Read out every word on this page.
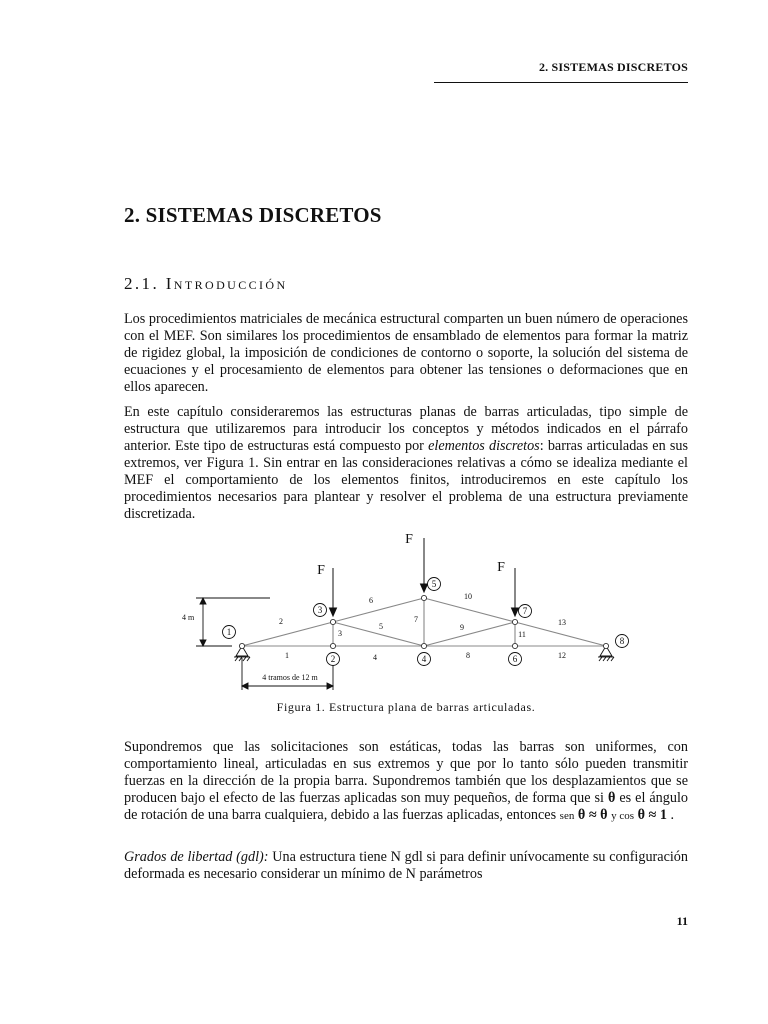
2. SISTEMAS DISCRETOS
2. SISTEMAS DISCRETOS
2.1. Introducción

Los procedimientos matriciales de mecánica estructural comparten un buen número de operaciones con el MEF. Son similares los procedimientos de ensamblado de elementos para formar la matriz de rigidez global, la imposición de condiciones de contorno o soporte, la solución del sistema de ecuaciones y el procesamiento de elementos para obtener las tensiones o deformaciones que en ellos aparecen.

En este capítulo consideraremos las estructuras planas de barras articuladas, tipo simple de estructura que utilizaremos para introducir los conceptos y métodos indicados en el párrafo anterior. Este tipo de estructuras está compuesto por elementos discretos: barras articuladas en sus extremos, ver Figura 1. Sin entrar en las consideraciones relativas a cómo se idealiza mediante el MEF el comportamiento de los elementos finitos, introduciremos en este capítulo los procedimientos necesarios para plantear y resolver el problema de una estructura previamente discretizada.

1
2
3
4
5
6
7
8
1
2
3
4
5
6
7
8
9
10
11
12
13
F
F
F
4 m
4 tramos de 12 m
Figura 1. Estructura plana de barras articuladas.

Supondremos que las solicitaciones son estáticas, todas las barras son uniformes, con comportamiento lineal, articuladas en sus extremos y que por lo tanto sólo pueden transmitir fuerzas en la dirección de la propia barra. Supondremos también que los desplazamientos que se producen bajo el efecto de las fuerzas aplicadas son muy pequeños, de forma que si θ es el ángulo de rotación de una barra cualquiera, debido a las fuerzas aplicadas, entonces sen θ ≈ θ y cos θ ≈ 1 .

Grados de libertad (gdl): Una estructura tiene N gdl si para definir unívocamente su configuración deformada es necesario considerar un mínimo de N parámetros

11
